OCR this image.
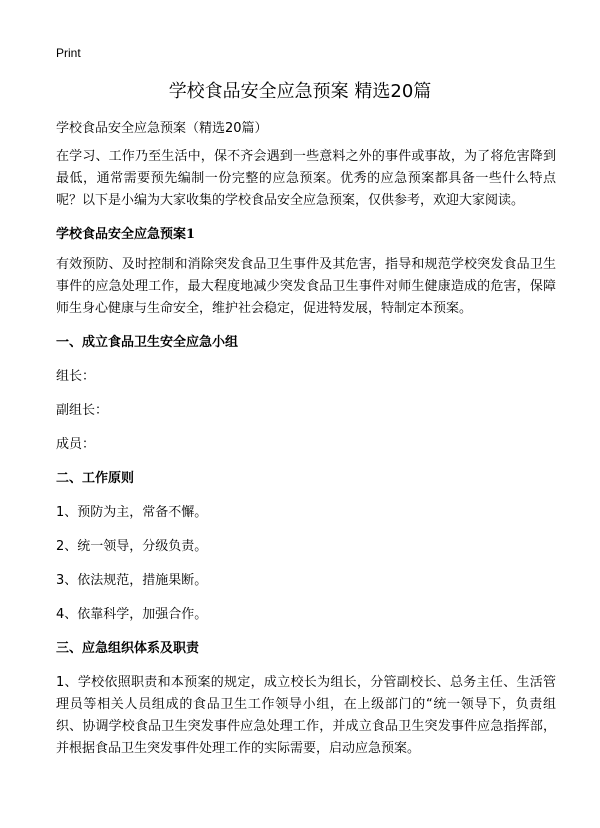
Print
学校食品安全应急预案 精选20篇

学校食品安全应急预案（精选20篇）

在学习、工作乃至生活中，保不齐会遇到一些意料之外的事件或事故，为了将危害降到最低，通常需要预先编制一份完整的应急预案。优秀的应急预案都具备一些什么特点呢？以下是小编为大家收集的学校食品安全应急预案，仅供参考，欢迎大家阅读。

学校食品安全应急预案1

有效预防、及时控制和消除突发食品卫生事件及其危害，指导和规范学校突发食品卫生事件的应急处理工作，最大程度地减少突发食品卫生事件对师生健康造成的危害，保障师生身心健康与生命安全，维护社会稳定，促进特发展，特制定本预案。

一、成立食品卫生安全应急小组

组长：

副组长：

成员：

二、工作原则

1、预防为主，常备不懈。

2、统一领导，分级负责。

3、依法规范，措施果断。

4、依靠科学，加强合作。

三、应急组织体系及职责

1、学校依照职责和本预案的规定，成立校长为组长，分管副校长、总务主任、生活管理员等相关人员组成的食品卫生工作领导小组，在上级部门的“统一领导下，负责组织、协调学校食品卫生突发事件应急处理工作，并成立食品卫生突发事件应急指挥部，并根据食品卫生突发事件处理工作的实际需要，启动应急预案。
